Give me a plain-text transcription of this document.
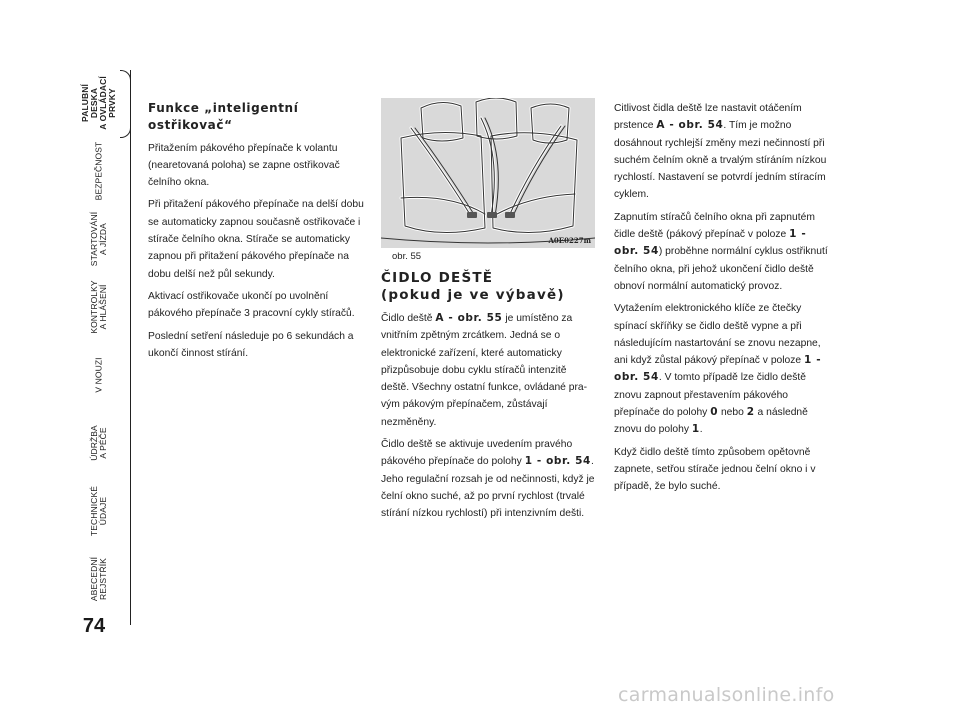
PALUBNÍ DESKA
A OVLÁDACÍ PRVKY
BEZPEČNOST
STARTOVÁNÍ
A JÍZDA
KONTROLKY
A HLÁŠENÍ
V NOUZI
ÚDRŽBA
A PÉČE
TECHNICKÉ ÚDAJE
ABECEDNÍ
REJSTŘÍK
74

Funkce „inteligentní ostřikovač“

Přitažením pákového přepínače k volantu (nearetovaná poloha) se zapne ostřikovač čelního okna.

Při přitažení pákového přepínače na delší dobu se automaticky zapnou současně ostřikovače i stírače čelního okna. Stírače se automaticky zapnou při přitažení pákového přepínače na dobu delší než půl sekundy.

Aktivací ostřikovače ukončí po uvolnění pákového přepínače 3 pracovní cykly stíračů.

Poslední setření následuje po 6 sekundách a ukončí činnost stírání.

A0E0227m
obr. 55
ČIDLO DEŠTĚ
(pokud je ve výbavě)

Čidlo deště A - obr. 55 je umístěno za vnitřním zpětným zrcátkem. Jedná se o elektronické zařízení, které automaticky přizpůsobuje dobu cyklu stíračů intenzitě deště. Všechny ostatní funkce, ovládané pravým pákovým přepínačem, zůstávají nezměněny.

Čidlo deště se aktivuje uvedením pravého pákového přepínače do polohy 1 - obr. 54. Jeho regulační rozsah je od nečinnosti, když je čelní okno suché, až po první rychlost (trvalé stírání nízkou rychlostí) při intenzivním dešti.

Citlivost čidla deště lze nastavit otáčením prstence A - obr. 54. Tím je možno dosáhnout rychlejší změny mezi nečinností při suchém čelním okně a trvalým stíráním nízkou rychlostí. Nastavení se potvrdí jedním stíracím cyklem.

Zapnutím stíračů čelního okna při zapnutém čidle deště (pákový přepínač v poloze 1 - obr. 54) proběhne normální cyklus ostřiknutí čelního okna, při jehož ukončení čidlo deště obnoví normální automatický provoz.

Vytažením elektronického klíče ze čtečky spínací skříňky se čidlo deště vypne a při následujícím nastartování se znovu nezapne, ani když zůstal pákový přepínač v poloze 1 - obr. 54. V tomto případě lze čidlo deště znovu zapnout přestavením pákového přepínače do polohy 0 nebo 2 a následně znovu do polohy 1.

Když čidlo deště tímto způsobem opětovně zapnete, setřou stírače jednou čelní okno i v případě, že bylo suché.

carmanualsonline.info
